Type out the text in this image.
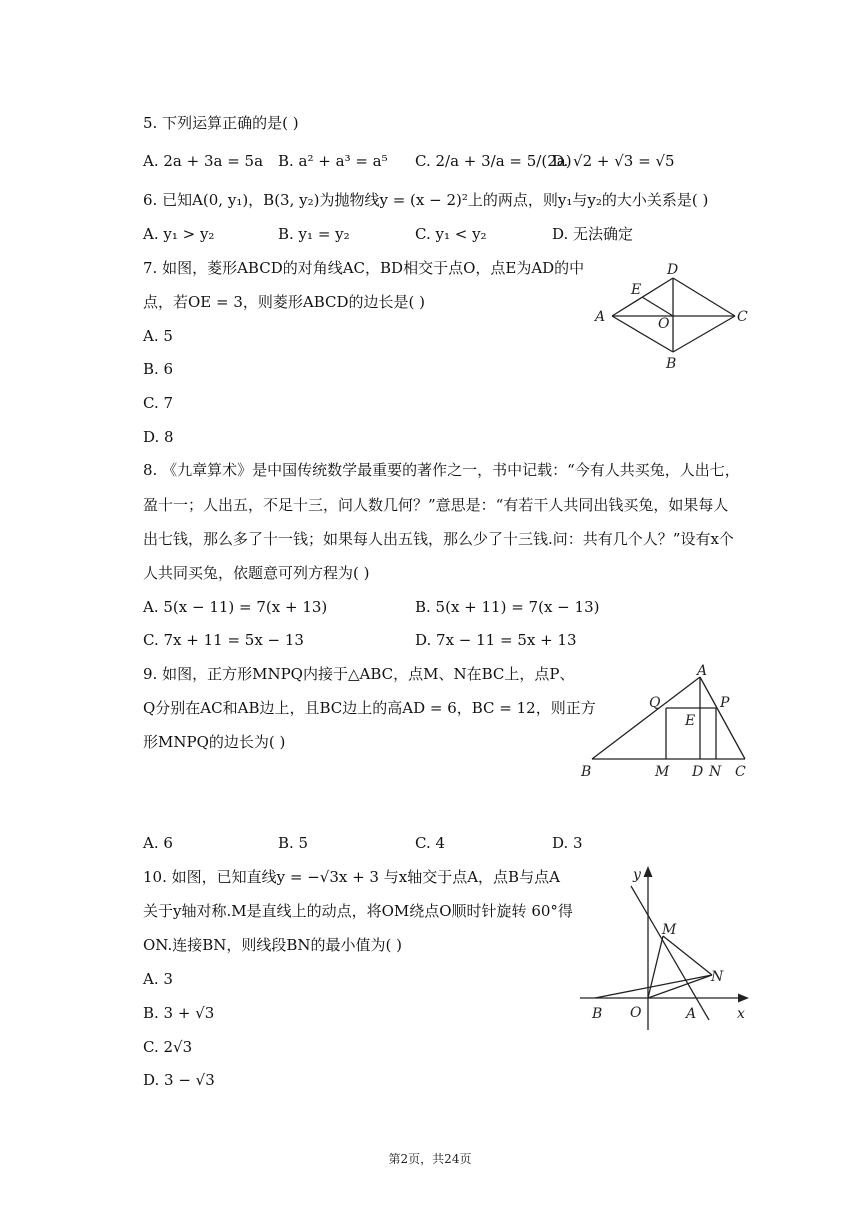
5. 下列运算正确的是( )
A. 2a + 3a = 5a B. a² + a³ = a⁵ C. 2/a + 3/a = 5/(2a)
D. √2 + √3 = √5
6. 已知A(0, y₁)，B(3, y₂)为抛物线y = (x − 2)²上的两点，则y₁与y₂的大小关系是( )
A. y₁ > y₂	B. y₁ = y₂	C. y₁ < y₂	D. 无法确定
7. 如图，菱形ABCD的对角线AC，BD相交于点O，点E为AD的中
点，若OE = 3，则菱形ABCD的边长是( )
A. 5
B. 6
C. 7
D. 8
D
E
A	O	C
B
8. 《九章算术》是中国传统数学最重要的著作之一，书中记载：“今有人共买兔，人出七，
盈十一；人出五，不足十三，问人数几何？”意思是：“有若干人共同出钱买兔，如果每人
出七钱，那么多了十一钱；如果每人出五钱，那么少了十三钱.问：共有几个人？”设有x个
人共同买兔，依题意可列方程为( )
A. 5(x − 11) = 7(x + 13)	B. 5(x + 11) = 7(x − 13)
C. 7x + 11 = 5x − 13	D. 7x − 11 = 5x + 13
9. 如图，正方形MNPQ内接于△ABC，点M、N在BC上，点P、
Q分别在AC和AB边上，且BC边上的高AD = 6，BC = 12，则正方
形MNPQ的边长为( )
A
Q	P
E
B	M D N C
A. 6	B. 5	C. 4	D. 3
10. 如图，已知直线y = −√3x + 3 与x轴交于点A，点B与点A
关于y轴对称.M是直线上的动点，将OM绕点O顺时针旋转 60°得
ON.连接BN，则线段BN的最小值为( )
A. 3
B. 3 + √3
C. 2√3
D. 3 − √3
y
x
M
N
B O	A
第2页，共24页
